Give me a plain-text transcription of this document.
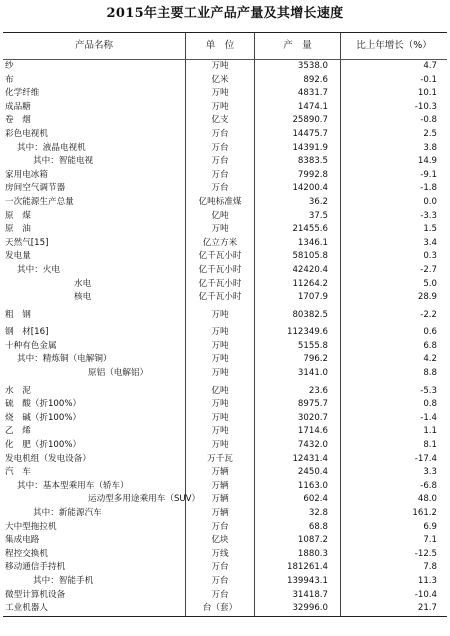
2015年主要工业产品产量及其增长速度
产品名称	单　位	产　量	比上年增长（%）
纱	万吨	3538.0	4.7
布	亿米	892.6	-0.1
化学纤维	万吨	4831.7	10.1
成品糖	万吨	1474.1	-10.3
卷　烟	亿支	25890.7	-0.8
彩色电视机	万台	14475.7	2.5
其中：液晶电视机	万台	14391.9	3.8
其中：智能电视	万台	8383.5	14.9
家用电冰箱	万台	7992.8	-9.1
房间空气调节器	万台	14200.4	-1.8
一次能源生产总量	亿吨标准煤	36.2	0.0
原　煤	亿吨	37.5	-3.3
原　油	万吨	21455.6	1.5
天然气[15]	亿立方米	1346.1	3.4
发电量	亿千瓦小时	58105.8	0.3
其中：火电	亿千瓦小时	42420.4	-2.7
水电	亿千瓦小时	11264.2	5.0
核电	亿千瓦小时	1707.9	28.9
粗　钢	万吨	80382.5	-2.2
钢　材[16]	万吨	112349.6	0.6
十种有色金属	万吨	5155.8	6.8
其中：精炼铜（电解铜）	万吨	796.2	4.2
原铝（电解铝）	万吨	3141.0	8.8
水　泥	亿吨	23.6	-5.3
硫　酸（折100%）	万吨	8975.7	0.8
烧　碱（折100%）	万吨	3020.7	-1.4
乙　烯	万吨	1714.6	1.1
化　肥（折100%）	万吨	7432.0	8.1
发电机组（发电设备）	万千瓦	12431.4	-17.4
汽　车	万辆	2450.4	3.3
其中：基本型乘用车（轿车）	万辆	1163.0	-6.8
运动型多用途乘用车（SUV）	万辆	602.4	48.0
其中：新能源汽车	万辆	32.8	161.2
大中型拖拉机	万台	68.8	6.9
集成电路	亿块	1087.2	7.1
程控交换机	万线	1880.3	-12.5
移动通信手持机	万台	181261.4	7.8
其中：智能手机	万台	139943.1	11.3
微型计算机设备	万台	31418.7	-10.4
工业机器人	台（套）	32996.0	21.7
